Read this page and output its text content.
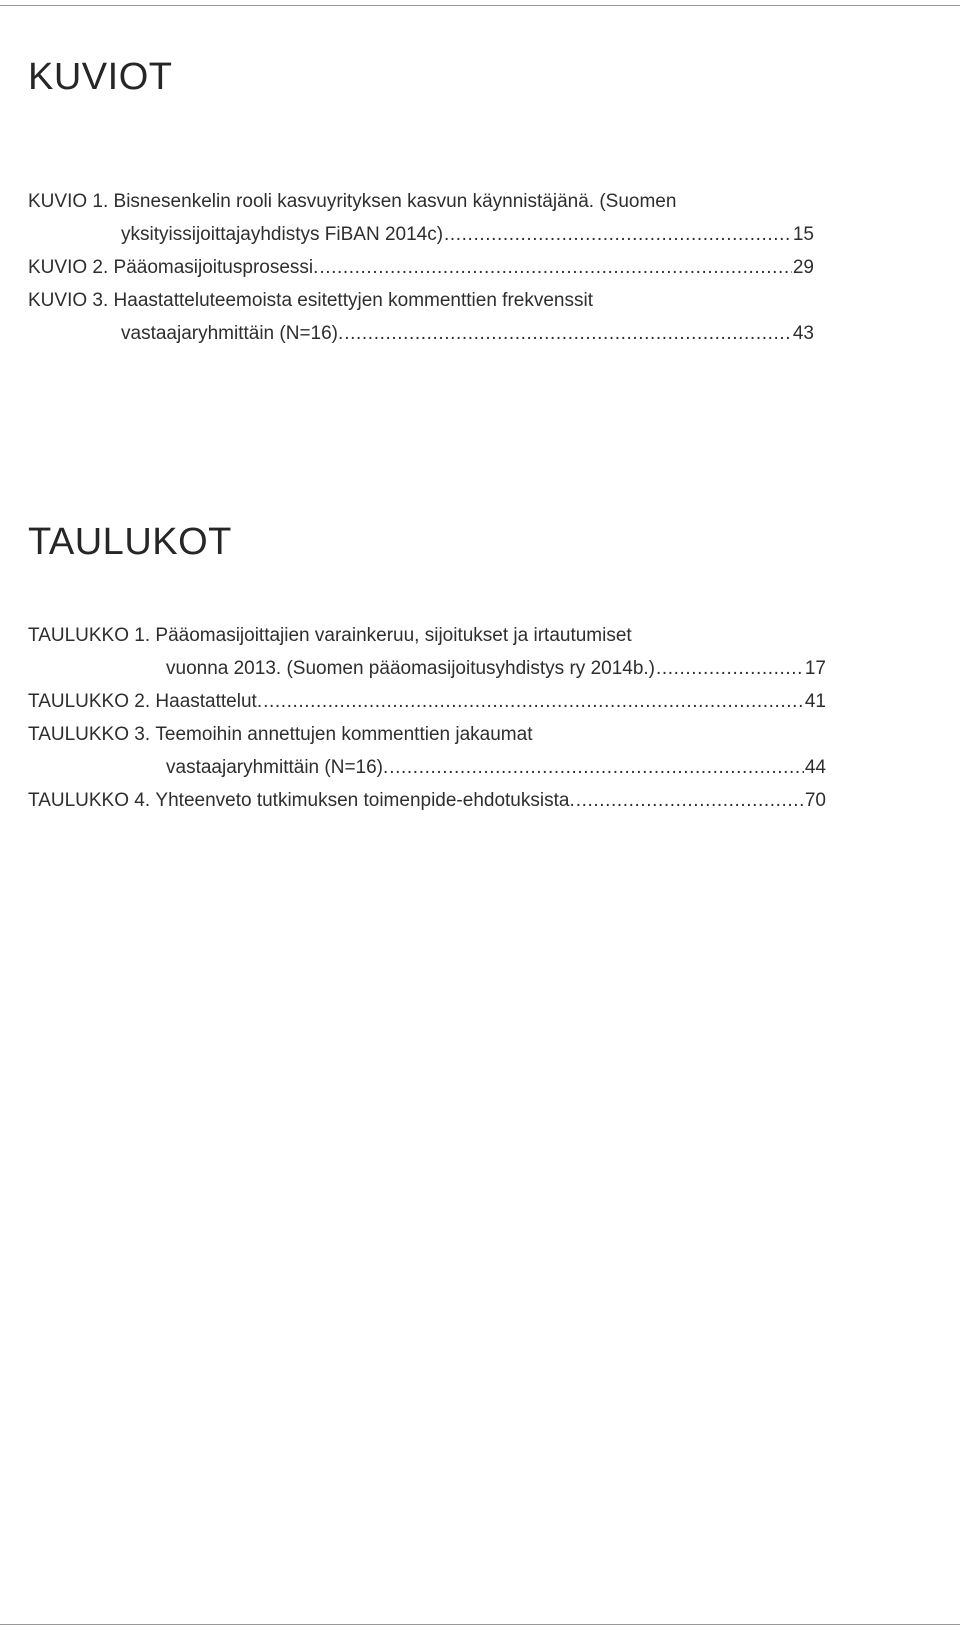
KUVIOT
KUVIO 1.
Bisnesenkelin rooli kasvuyrityksen kasvun käynnistäjänä. (Suomen
yksityissijoittajayhdistys FiBAN 2014c) .....	15
KUVIO 2.
Pääomasijoitusprosessi. .....	29
KUVIO 3.
Haastatteluteemoista esitettyjen kommenttien frekvenssit
vastaajaryhmittäin (N=16). .....	43
TAULUKOT
TAULUKKO 1.
Pääomasijoittajien varainkeruu, sijoitukset ja irtautumiset
vuonna 2013. (Suomen pääomasijoitusyhdistys ry 2014b.) .....	17
TAULUKKO 2.
Haastattelut. .....	41
TAULUKKO 3.
Teemoihin annettujen kommenttien jakaumat
vastaajaryhmittäin (N=16). .....	44
TAULUKKO 4.
Yhteenveto tutkimuksen toimenpide-ehdotuksista. .....	70
